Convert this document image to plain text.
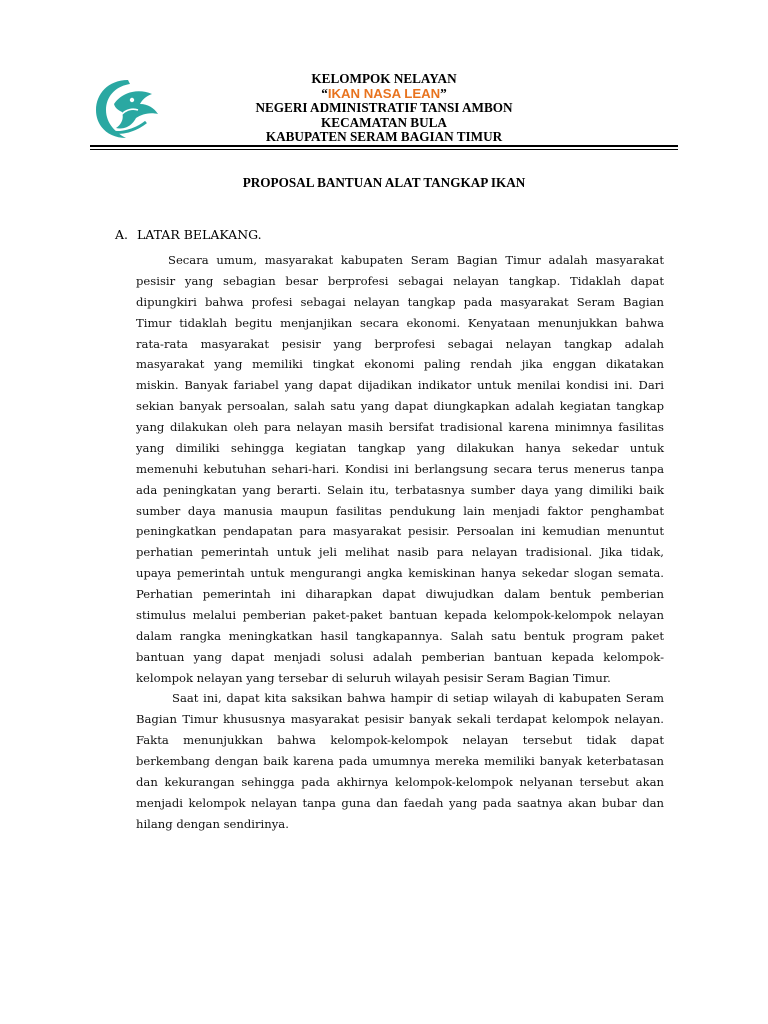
KELOMPOK NELAYAN
“IKAN NASA LEAN”
NEGERI ADMINISTRATIF TANSI AMBON
KECAMATAN BULA
KABUPATEN SERAM BAGIAN TIMUR
PROPOSAL BANTUAN ALAT TANGKAP IKAN
A. LATAR BELAKANG.
Secara umum, masyarakat kabupaten Seram Bagian Timur adalah masyarakat
pesisir yang sebagian besar berprofesi sebagai nelayan tangkap. Tidaklah dapat
dipungkiri bahwa profesi sebagai nelayan tangkap pada masyarakat Seram Bagian
Timur tidaklah begitu menjanjikan secara ekonomi. Kenyataan menunjukkan bahwa
rata-rata masyarakat pesisir yang berprofesi sebagai nelayan tangkap adalah
masyarakat yang memiliki tingkat ekonomi paling rendah jika enggan dikatakan
miskin. Banyak fariabel yang dapat dijadikan indikator untuk menilai kondisi ini. Dari
sekian banyak persoalan, salah satu yang dapat diungkapkan adalah kegiatan tangkap
yang dilakukan oleh para nelayan masih bersifat tradisional karena minimnya fasilitas
yang dimiliki sehingga kegiatan tangkap yang dilakukan hanya sekedar untuk
memenuhi kebutuhan sehari-hari. Kondisi ini berlangsung secara terus menerus tanpa
ada peningkatan yang berarti. Selain itu, terbatasnya sumber daya yang dimiliki baik
sumber daya manusia maupun fasilitas pendukung lain menjadi faktor penghambat
peningkatkan pendapatan para masyarakat pesisir. Persoalan ini kemudian menuntut
perhatian pemerintah untuk jeli melihat nasib para nelayan tradisional. Jika tidak,
upaya pemerintah untuk mengurangi angka kemiskinan hanya sekedar slogan semata.
Perhatian pemerintah ini diharapkan dapat diwujudkan dalam bentuk pemberian
stimulus melalui pemberian paket-paket bantuan kepada kelompok-kelompok nelayan
dalam rangka meningkatkan hasil tangkapannya. Salah satu bentuk program paket
bantuan yang dapat menjadi solusi adalah pemberian bantuan kepada kelompok-
kelompok nelayan yang tersebar di seluruh wilayah pesisir Seram Bagian Timur.
Saat ini, dapat kita saksikan bahwa hampir di setiap wilayah di kabupaten Seram
Bagian Timur khususnya masyarakat pesisir banyak sekali terdapat kelompok nelayan.
Fakta menunjukkan bahwa kelompok-kelompok nelayan tersebut tidak dapat
berkembang dengan baik karena pada umumnya mereka memiliki banyak keterbatasan
dan kekurangan sehingga pada akhirnya kelompok-kelompok nelyanan tersebut akan
menjadi kelompok nelayan tanpa guna dan faedah yang pada saatnya akan bubar dan
hilang dengan sendirinya.
